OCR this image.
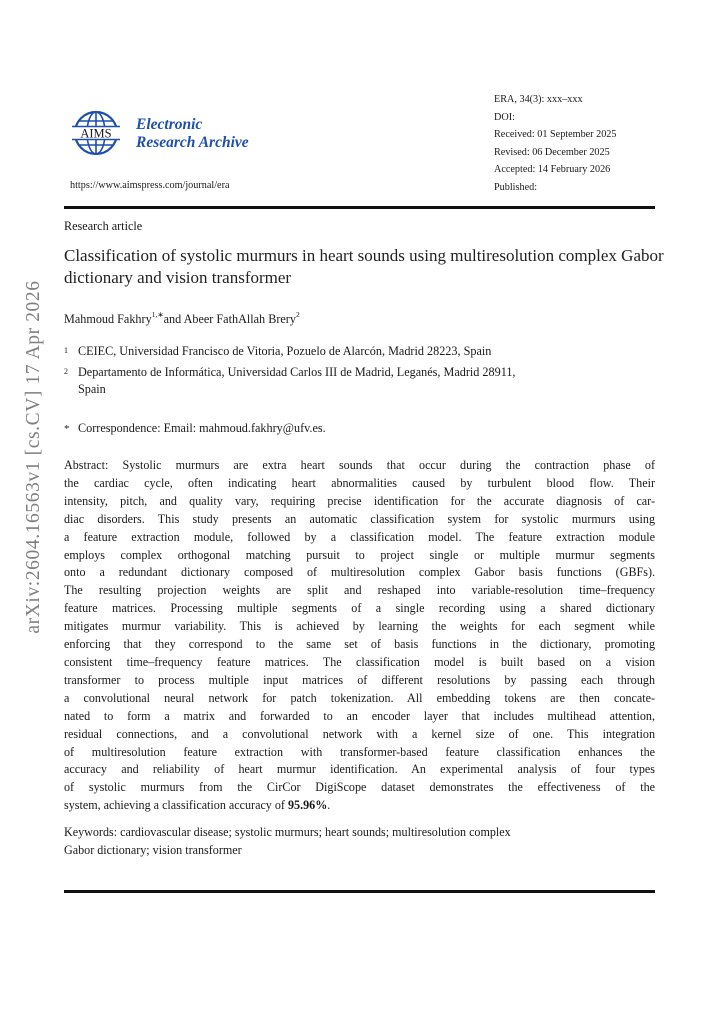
arXiv:2604.16563v1 [cs.CV] 17 Apr 2026
AIMS
Electronic
Research Archive
https://www.aimspress.com/journal/era
ERA, 34(3): xxx–xxx
DOI:
Received: 01 September 2025
Revised: 06 December 2025
Accepted: 14 February 2026
Published:
Research article
Classification of systolic murmurs in heart sounds using multiresolution complex Gabor dictionary and vision transformer
Mahmoud Fakhry$^{1,∗}$and Abeer FathAllah Brery$^2$
1 CEIEC, Universidad Francisco de Vitoria, Pozuelo de Alarcón, Madrid 28223, Spain
2 Departamento de Informática, Universidad Carlos III de Madrid, Leganés, Madrid 28911,
Spain
* Correspondence: Email: mahmoud.fakhry@ufv.es.
Abstract: Systolic murmurs are extra heart sounds that occur during the contraction phase of
the cardiac cycle, often indicating heart abnormalities caused by turbulent blood flow. Their
intensity, pitch, and quality vary, requiring precise identification for the accurate diagnosis of car-
diac disorders. This study presents an automatic classification system for systolic murmurs using
a feature extraction module, followed by a classification model. The feature extraction module
employs complex orthogonal matching pursuit to project single or multiple murmur segments
onto a redundant dictionary composed of multiresolution complex Gabor basis functions (GBFs).
The resulting projection weights are split and reshaped into variable-resolution time–frequency
feature matrices. Processing multiple segments of a single recording using a shared dictionary
mitigates murmur variability. This is achieved by learning the weights for each segment while
enforcing that they correspond to the same set of basis functions in the dictionary, promoting
consistent time–frequency feature matrices. The classification model is built based on a vision
transformer to process multiple input matrices of different resolutions by passing each through
a convolutional neural network for patch tokenization. All embedding tokens are then concate-
nated to form a matrix and forwarded to an encoder layer that includes multihead attention,
residual connections, and a convolutional network with a kernel size of one. This integration
of multiresolution feature extraction with transformer-based feature classification enhances the
accuracy and reliability of heart murmur identification. An experimental analysis of four types
of systolic murmurs from the CirCor DigiScope dataset demonstrates the effectiveness of the
system, achieving a classification accuracy of 95.96%.
Keywords: cardiovascular disease; systolic murmurs; heart sounds; multiresolution complex
Gabor dictionary; vision transformer
